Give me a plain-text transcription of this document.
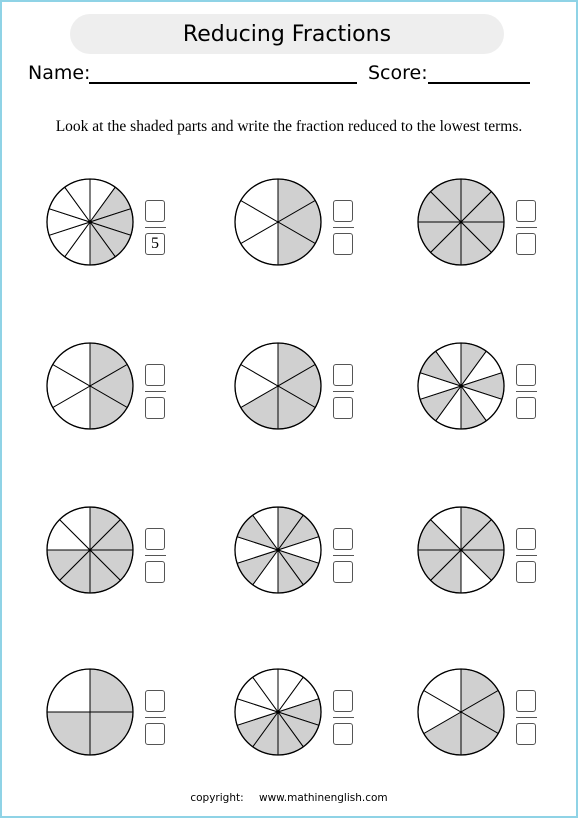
Reducing Fractions
Name:	Score:
Look at the shaded parts and write the fraction reduced to the lowest terms.
5
copyright: www.mathinenglish.com
